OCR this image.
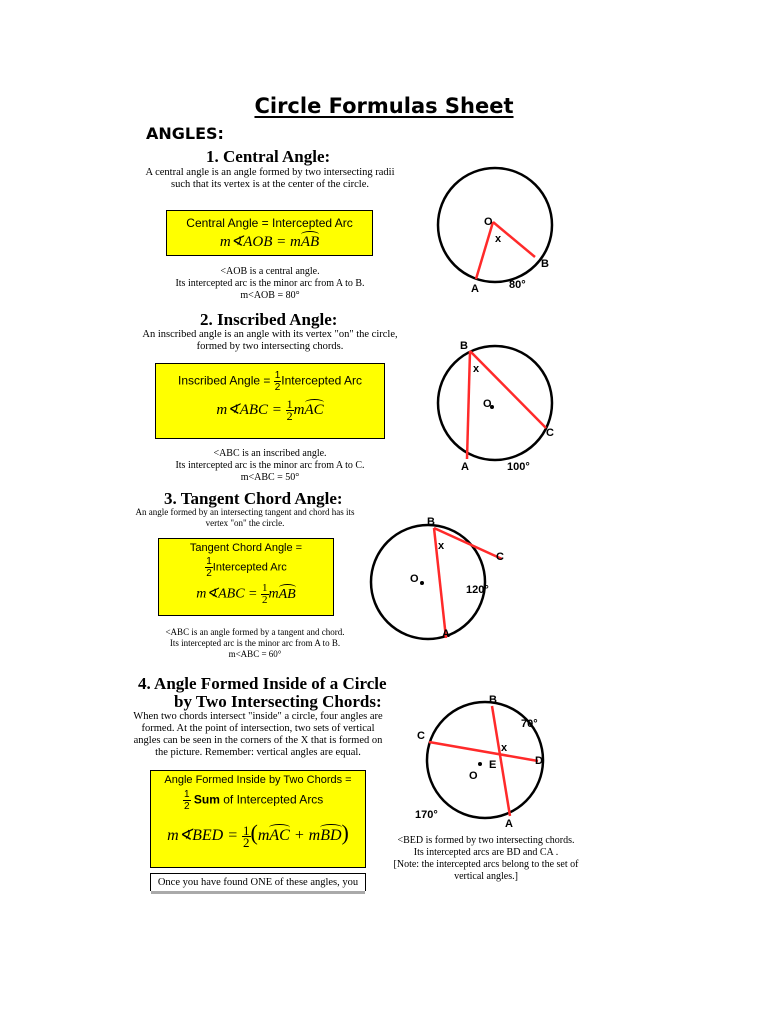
Circle Formulas Sheet
ANGLES:
1. Central Angle:
A central angle is an angle formed by two intersecting radii such that its vertex is at the center of the circle.
Central Angle = Intercepted Arc
m∢AOB = mAB
<AOB is a central angle.
Its intercepted arc is the minor arc from A to B.
m<AOB = 80°
O
x
B
A	80°
2. Inscribed Angle:
An inscribed angle is an angle with its vertex "on" the circle, formed by two intersecting chords.
Inscribed Angle = $\frac{1}{2}$ Intercepted Arc
m∢ABC = $\frac{1}{2}$ mAC
<ABC is an inscribed angle.
Its intercepted arc is the minor arc from A to C.
m<ABC = 50°
B
x
O
C
A	100°
3. Tangent Chord Angle:
An angle formed by an intersecting tangent and chord has its vertex "on" the circle.
Tangent Chord Angle =
$\frac{1}{2}$ Intercepted Arc
m∢ABC = $\frac{1}{2}$ mAB
<ABC is an angle formed by a tangent and chord.
Its intercepted arc is the minor arc from A to B.
m<ABC = 60°
B
x
C
O
120°
A
4. Angle Formed Inside of a Circle
by Two Intersecting Chords:
When two chords intersect "inside" a circle, four angles are formed. At the point of intersection, two sets of vertical angles can be seen in the corners of the X that is formed on the picture. Remember: vertical angles are equal.
Angle Formed Inside by Two Chords =
$\frac{1}{2}$ Sum of Intercepted Arcs
m∢BED = $\frac{1}{2} (mAC + mBD)$
Once you have found ONE of these angles, you
<BED is formed by two intersecting chords.
Its intercepted arcs are BD and CA .
[Note: the intercepted arcs belong to the set of
vertical angles.]
B
70°
C
x
D
E
O
170°
A
